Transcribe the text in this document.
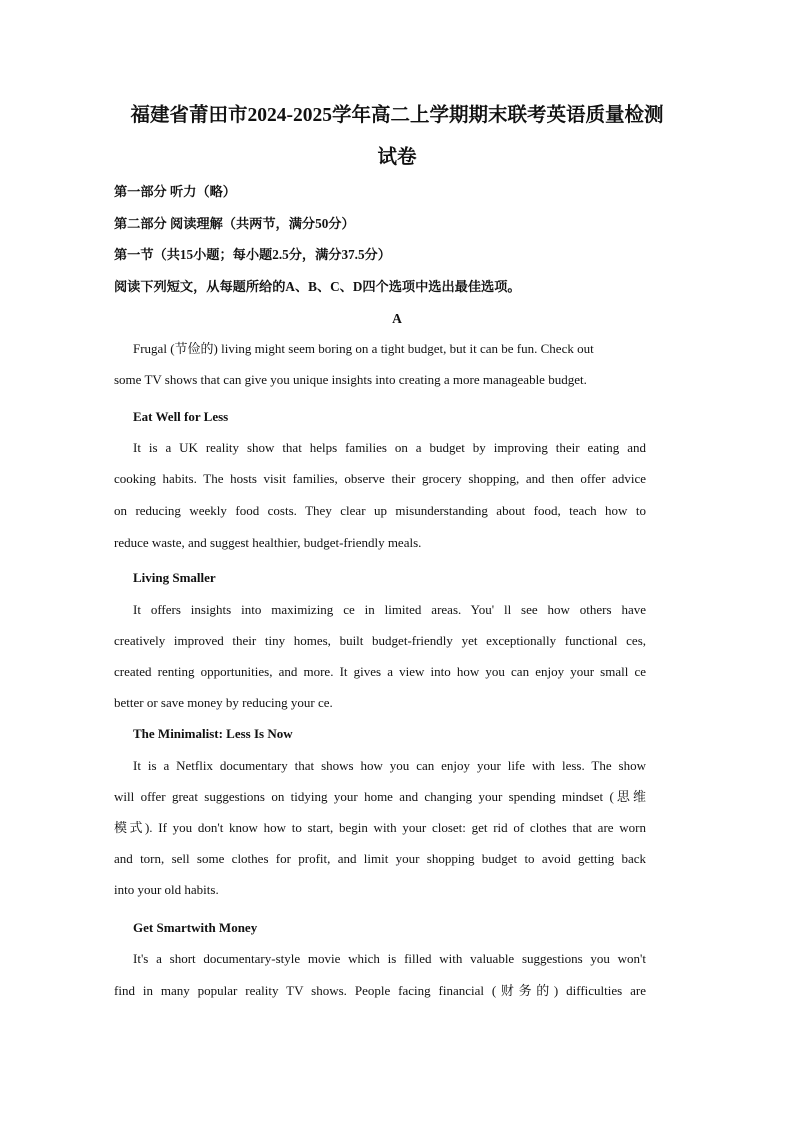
福建省莆田市2024-2025学年高二上学期期末联考英语质量检测
试卷
第一部分 听力（略）
第二部分 阅读理解（共两节，满分50分）
第一节（共15小题；每小题2.5分，满分37.5分）
阅读下列短文，从每题所给的A、B、C、D四个选项中选出最佳选项。
A
Frugal (节俭的) living might seem boring on a tight budget, but it can be fun. Check out
some TV shows that can give you unique insights into creating a more manageable budget.
Eat Well for Less
It is a UK reality show that helps families on a budget by improving their eating and
cooking habits. The hosts visit families, observe their grocery shopping, and then offer advice
on reducing weekly food costs. They clear up misunderstanding about food, teach how to
reduce waste, and suggest healthier, budget-friendly meals.
Living Smaller
It offers insights into maximizing ce in limited areas. You' ll see how others have
creatively improved their tiny homes, built budget-friendly yet exceptionally functional ces,
created renting opportunities, and more. It gives a view into how you can enjoy your small ce
better or save money by reducing your ce.
The Minimalist: Less Is Now
It is a Netflix documentary that shows how you can enjoy your life with less. The show
will offer great suggestions on tidying your home and changing your spending mindset (思维
模式). If you don't know how to start, begin with your closet: get rid of clothes that are worn
and torn, sell some clothes for profit, and limit your shopping budget to avoid getting back
into your old habits.
Get Smartwith Money
It's a short documentary-style movie which is filled with valuable suggestions you won't
find in many popular reality TV shows. People facing financial (财务的) difficulties are
